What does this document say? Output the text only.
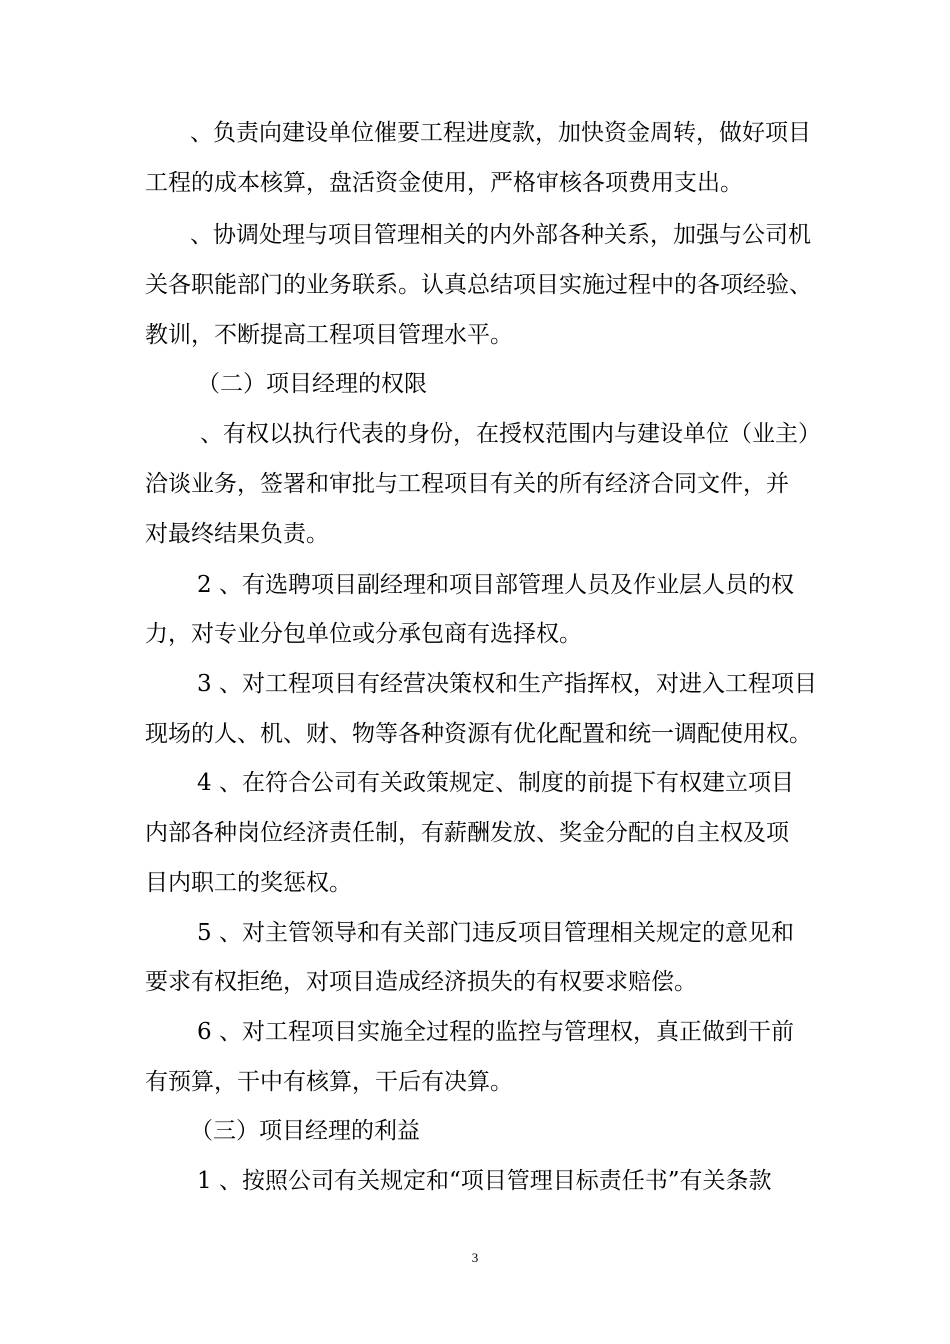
、负责向建设单位催要工程进度款，加快资金周转，做好项目
工程的成本核算，盘活资金使用，严格审核各项费用支出。
、协调处理与项目管理相关的内外部各种关系，加强与公司机
关各职能部门的业务联系。认真总结项目实施过程中的各项经验、
教训，不断提高工程项目管理水平。
（二）项目经理的权限
、有权以执行代表的身份，在授权范围内与建设单位（业主）
洽谈业务，签署和审批与工程项目有关的所有经济合同文件，并
对最终结果负责。
2 、有选聘项目副经理和项目部管理人员及作业层人员的权
力，对专业分包单位或分承包商有选择权。
3 、对工程项目有经营决策权和生产指挥权，对进入工程项目
现场的人、机、财、物等各种资源有优化配置和统一调配使用权。
4 、在符合公司有关政策规定、制度的前提下有权建立项目
内部各种岗位经济责任制，有薪酬发放、奖金分配的自主权及项
目内职工的奖惩权。
5 、对主管领导和有关部门违反项目管理相关规定的意见和
要求有权拒绝，对项目造成经济损失的有权要求赔偿。
6 、对工程项目实施全过程的监控与管理权，真正做到干前
有预算，干中有核算，干后有决算。
（三）项目经理的利益
1 、按照公司有关规定和“项目管理目标责任书”有关条款
3
